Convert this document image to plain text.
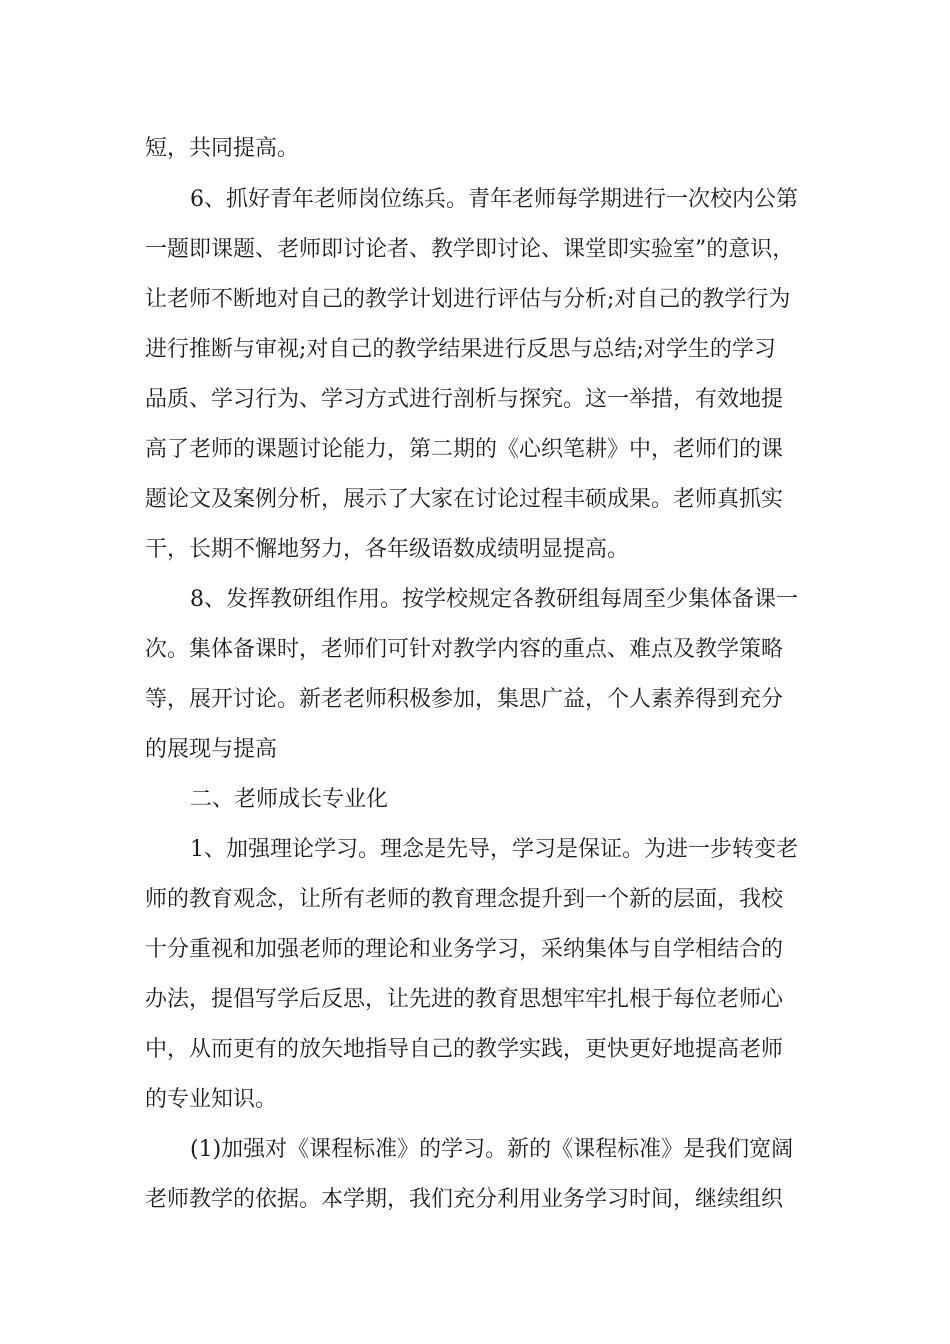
短，共同提高。
6、抓好青年老师岗位练兵。青年老师每学期进行一次校内公第
一题即课题、老师即讨论者、教学即讨论、课堂即实验室”的意识，
让老师不断地对自己的教学计划进行评估与分析;对自己的教学行为
进行推断与审视;对自己的教学结果进行反思与总结;对学生的学习
品质、学习行为、学习方式进行剖析与探究。这一举措，有效地提
高了老师的课题讨论能力，第二期的《心织笔耕》中，老师们的课
题论文及案例分析，展示了大家在讨论过程丰硕成果。老师真抓实
干，长期不懈地努力，各年级语数成绩明显提高。
8、发挥教研组作用。按学校规定各教研组每周至少集体备课一
次。集体备课时，老师们可针对教学内容的重点、难点及教学策略
等，展开讨论。新老老师积极参加，集思广益，个人素养得到充分
的展现与提高
二、老师成长专业化
1、加强理论学习。理念是先导，学习是保证。为进一步转变老
师的教育观念，让所有老师的教育理念提升到一个新的层面，我校
十分重视和加强老师的理论和业务学习，采纳集体与自学相结合的
办法，提倡写学后反思，让先进的教育思想牢牢扎根于每位老师心
中，从而更有的放矢地指导自己的教学实践，更快更好地提高老师
的专业知识。
(1)加强对《课程标准》的学习。新的《课程标准》是我们宽阔
老师教学的依据。本学期，我们充分利用业务学习时间，继续组织
